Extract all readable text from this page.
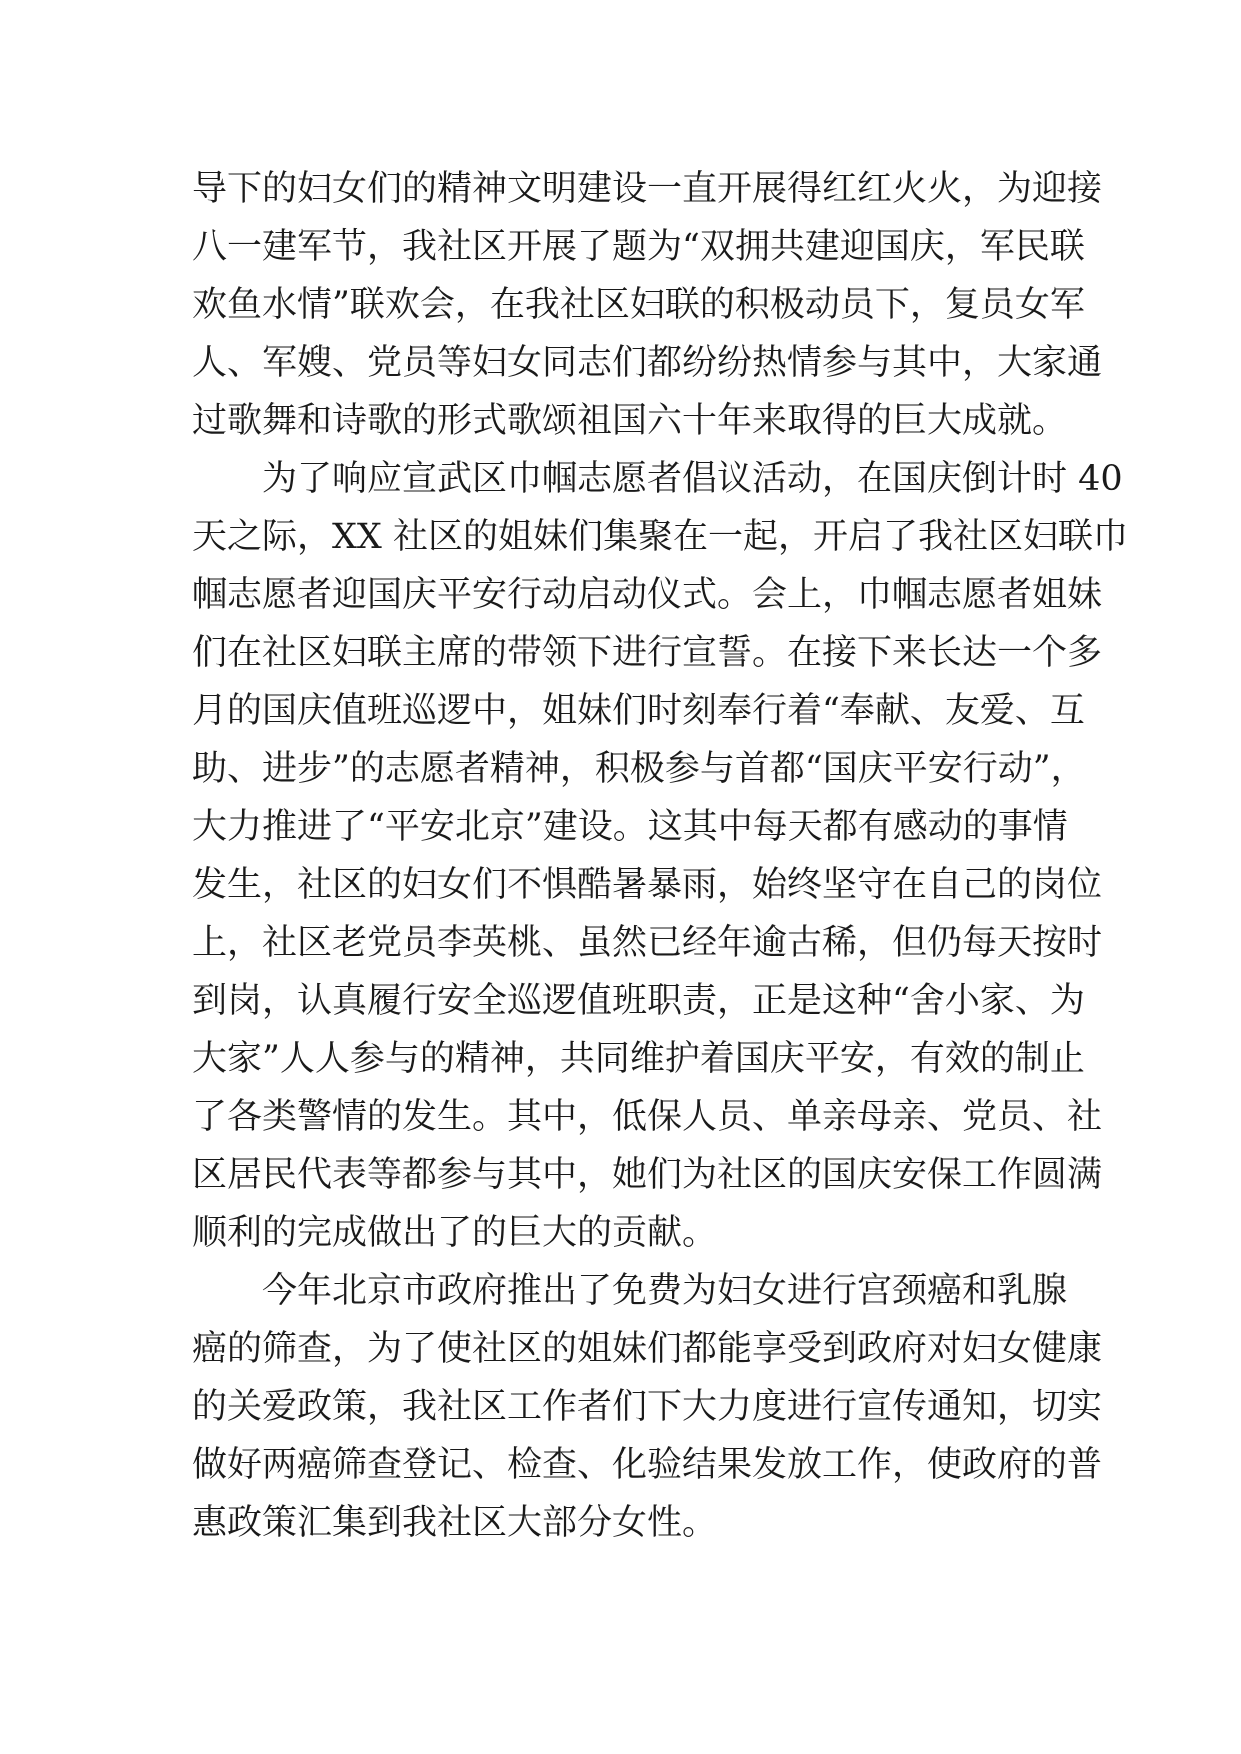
导下的妇女们的精神文明建设一直开展得红红火火，为迎接
八一建军节，我社区开展了题为“双拥共建迎国庆，军民联
欢鱼水情”联欢会，在我社区妇联的积极动员下，复员女军
人、军嫂、党员等妇女同志们都纷纷热情参与其中，大家通
过歌舞和诗歌的形式歌颂祖国六十年来取得的巨大成就。
为了响应宣武区巾帼志愿者倡议活动，在国庆倒计时 40
天之际，XX 社区的姐妹们集聚在一起，开启了我社区妇联巾
帼志愿者迎国庆平安行动启动仪式。会上，巾帼志愿者姐妹
们在社区妇联主席的带领下进行宣誓。在接下来长达一个多
月的国庆值班巡逻中，姐妹们时刻奉行着“奉献、友爱、互
助、进步”的志愿者精神，积极参与首都“国庆平安行动”，
大力推进了“平安北京”建设。这其中每天都有感动的事情
发生，社区的妇女们不惧酷暑暴雨，始终坚守在自己的岗位
上，社区老党员李英桃、虽然已经年逾古稀，但仍每天按时
到岗，认真履行安全巡逻值班职责，正是这种“舍小家、为
大家”人人参与的精神，共同维护着国庆平安，有效的制止
了各类警情的发生。其中，低保人员、单亲母亲、党员、社
区居民代表等都参与其中，她们为社区的国庆安保工作圆满
顺利的完成做出了的巨大的贡献。
今年北京市政府推出了免费为妇女进行宫颈癌和乳腺
癌的筛查，为了使社区的姐妹们都能享受到政府对妇女健康
的关爱政策，我社区工作者们下大力度进行宣传通知，切实
做好两癌筛查登记、检查、化验结果发放工作，使政府的普
惠政策汇集到我社区大部分女性。
